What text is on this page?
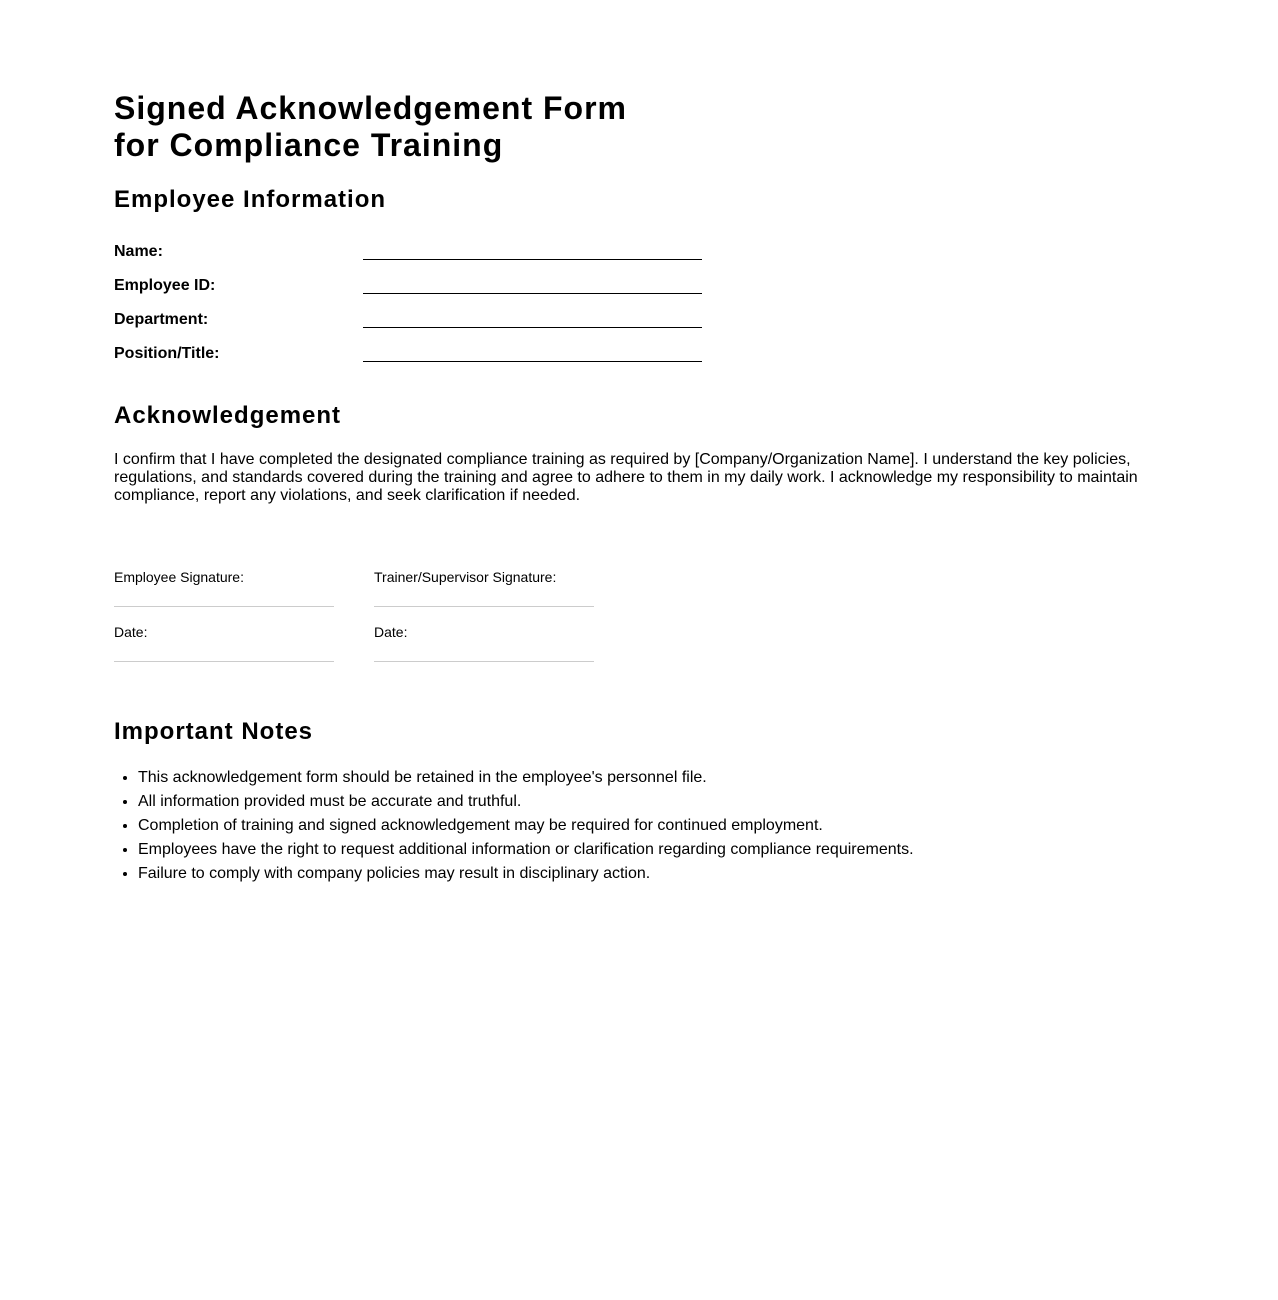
Signed Acknowledgement Form
for Compliance Training
Employee Information
Name:
Employee ID:
Department:
Position/Title:
Acknowledgement

I confirm that I have completed the designated compliance training as required by [Company/Organization Name]. I understand the key policies, regulations, and standards covered during the training and agree to adhere to them in my daily work. I acknowledge my responsibility to maintain compliance, report any violations, and seek clarification if needed.

Employee Signature:
Date:
Trainer/Supervisor Signature:
Date:
Important Notes
• This acknowledgement form should be retained in the employee's personnel file.
• All information provided must be accurate and truthful.
• Completion of training and signed acknowledgement may be required for continued employment.
• Employees have the right to request additional information or clarification regarding compliance requirements.
• Failure to comply with company policies may result in disciplinary action.
